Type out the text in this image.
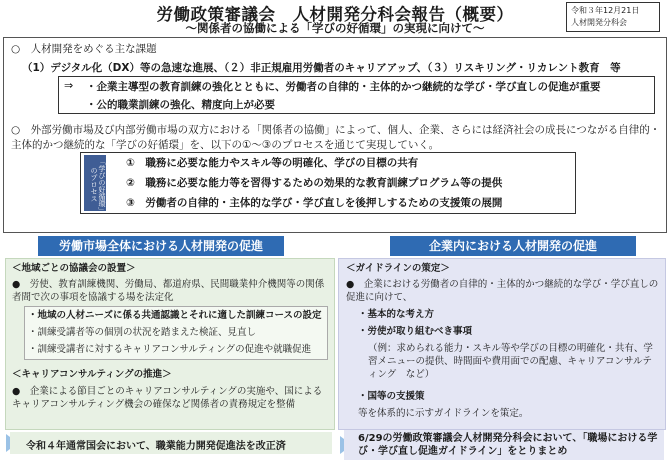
労働政策審議会　人材開発分科会報告（概要）
～関係者の協働による「学びの好循環」の実現に向けて～
令和３年12月21日
人材開発分科会
○　人材開発をめぐる主な課題
（1）デジタル化（DX）等の急速な進展、（２）非正規雇用労働者のキャリアアップ、（３）リスキリング・リカレント教育　等
⇒ ・企業主導型の教育訓練の強化とともに、労働者の自律的・主体的かつ継続的な学び・学び直しの促進が重要
・公的職業訓練の強化、精度向上が必要
○　外部労働市場及び内部労働市場の双方における「関係者の協働」によって、個人、企業、さらには経済社会の成長につながる自律的・主体的かつ継続的な「学びの好循環」を、以下の①～③のプロセスを通じて実現していく。
「学びの好循環」のプロセス
①　職務に必要な能力やスキル等の明確化、学びの目標の共有
②　職務に必要な能力等を習得するための効果的な教育訓練プログラム等の提供
③　労働者の自律的・主体的な学び・学び直しを後押しするための支援策の展開
労働市場全体における人材開発の促進	企業内における人材開発の促進
＜地域ごとの協議会の設置＞
●　労使、教育訓練機関、労働局、都道府県、民間職業仲介機関等の関係者間で次の事項を協議する場を法定化
・地域の人材ニーズに係る共通認識とそれに適した訓練コースの設定
・訓練受講者等の個別の状況を踏まえた検証、見直し
・訓練受講者に対するキャリアコンサルティングの促進や就職促進
＜キャリアコンサルティングの推進＞
●　企業による節目ごとのキャリアコンサルティングの実施や、国によるキャリアコンサルティング機会の確保など関係者の責務規定を整備
＜ガイドラインの策定＞
●　企業における労働者の自律的・主体的かつ継続的な学び・学び直しの促進に向けて、
・基本的な考え方
・労使が取り組むべき事項
（例：求められる能力・スキル等や学びの目標の明確化・共有、学習メニューの提供、時間面や費用面での配慮、キャリアコンサルティング　など）
・国等の支援策
等を体系的に示すガイドラインを策定。
令和４年通常国会において、職業能力開発促進法を改正済
6/29の労働政策審議会人材開発分科会において、「職場における学び・学び直し促進ガイドライン」をとりまとめ
